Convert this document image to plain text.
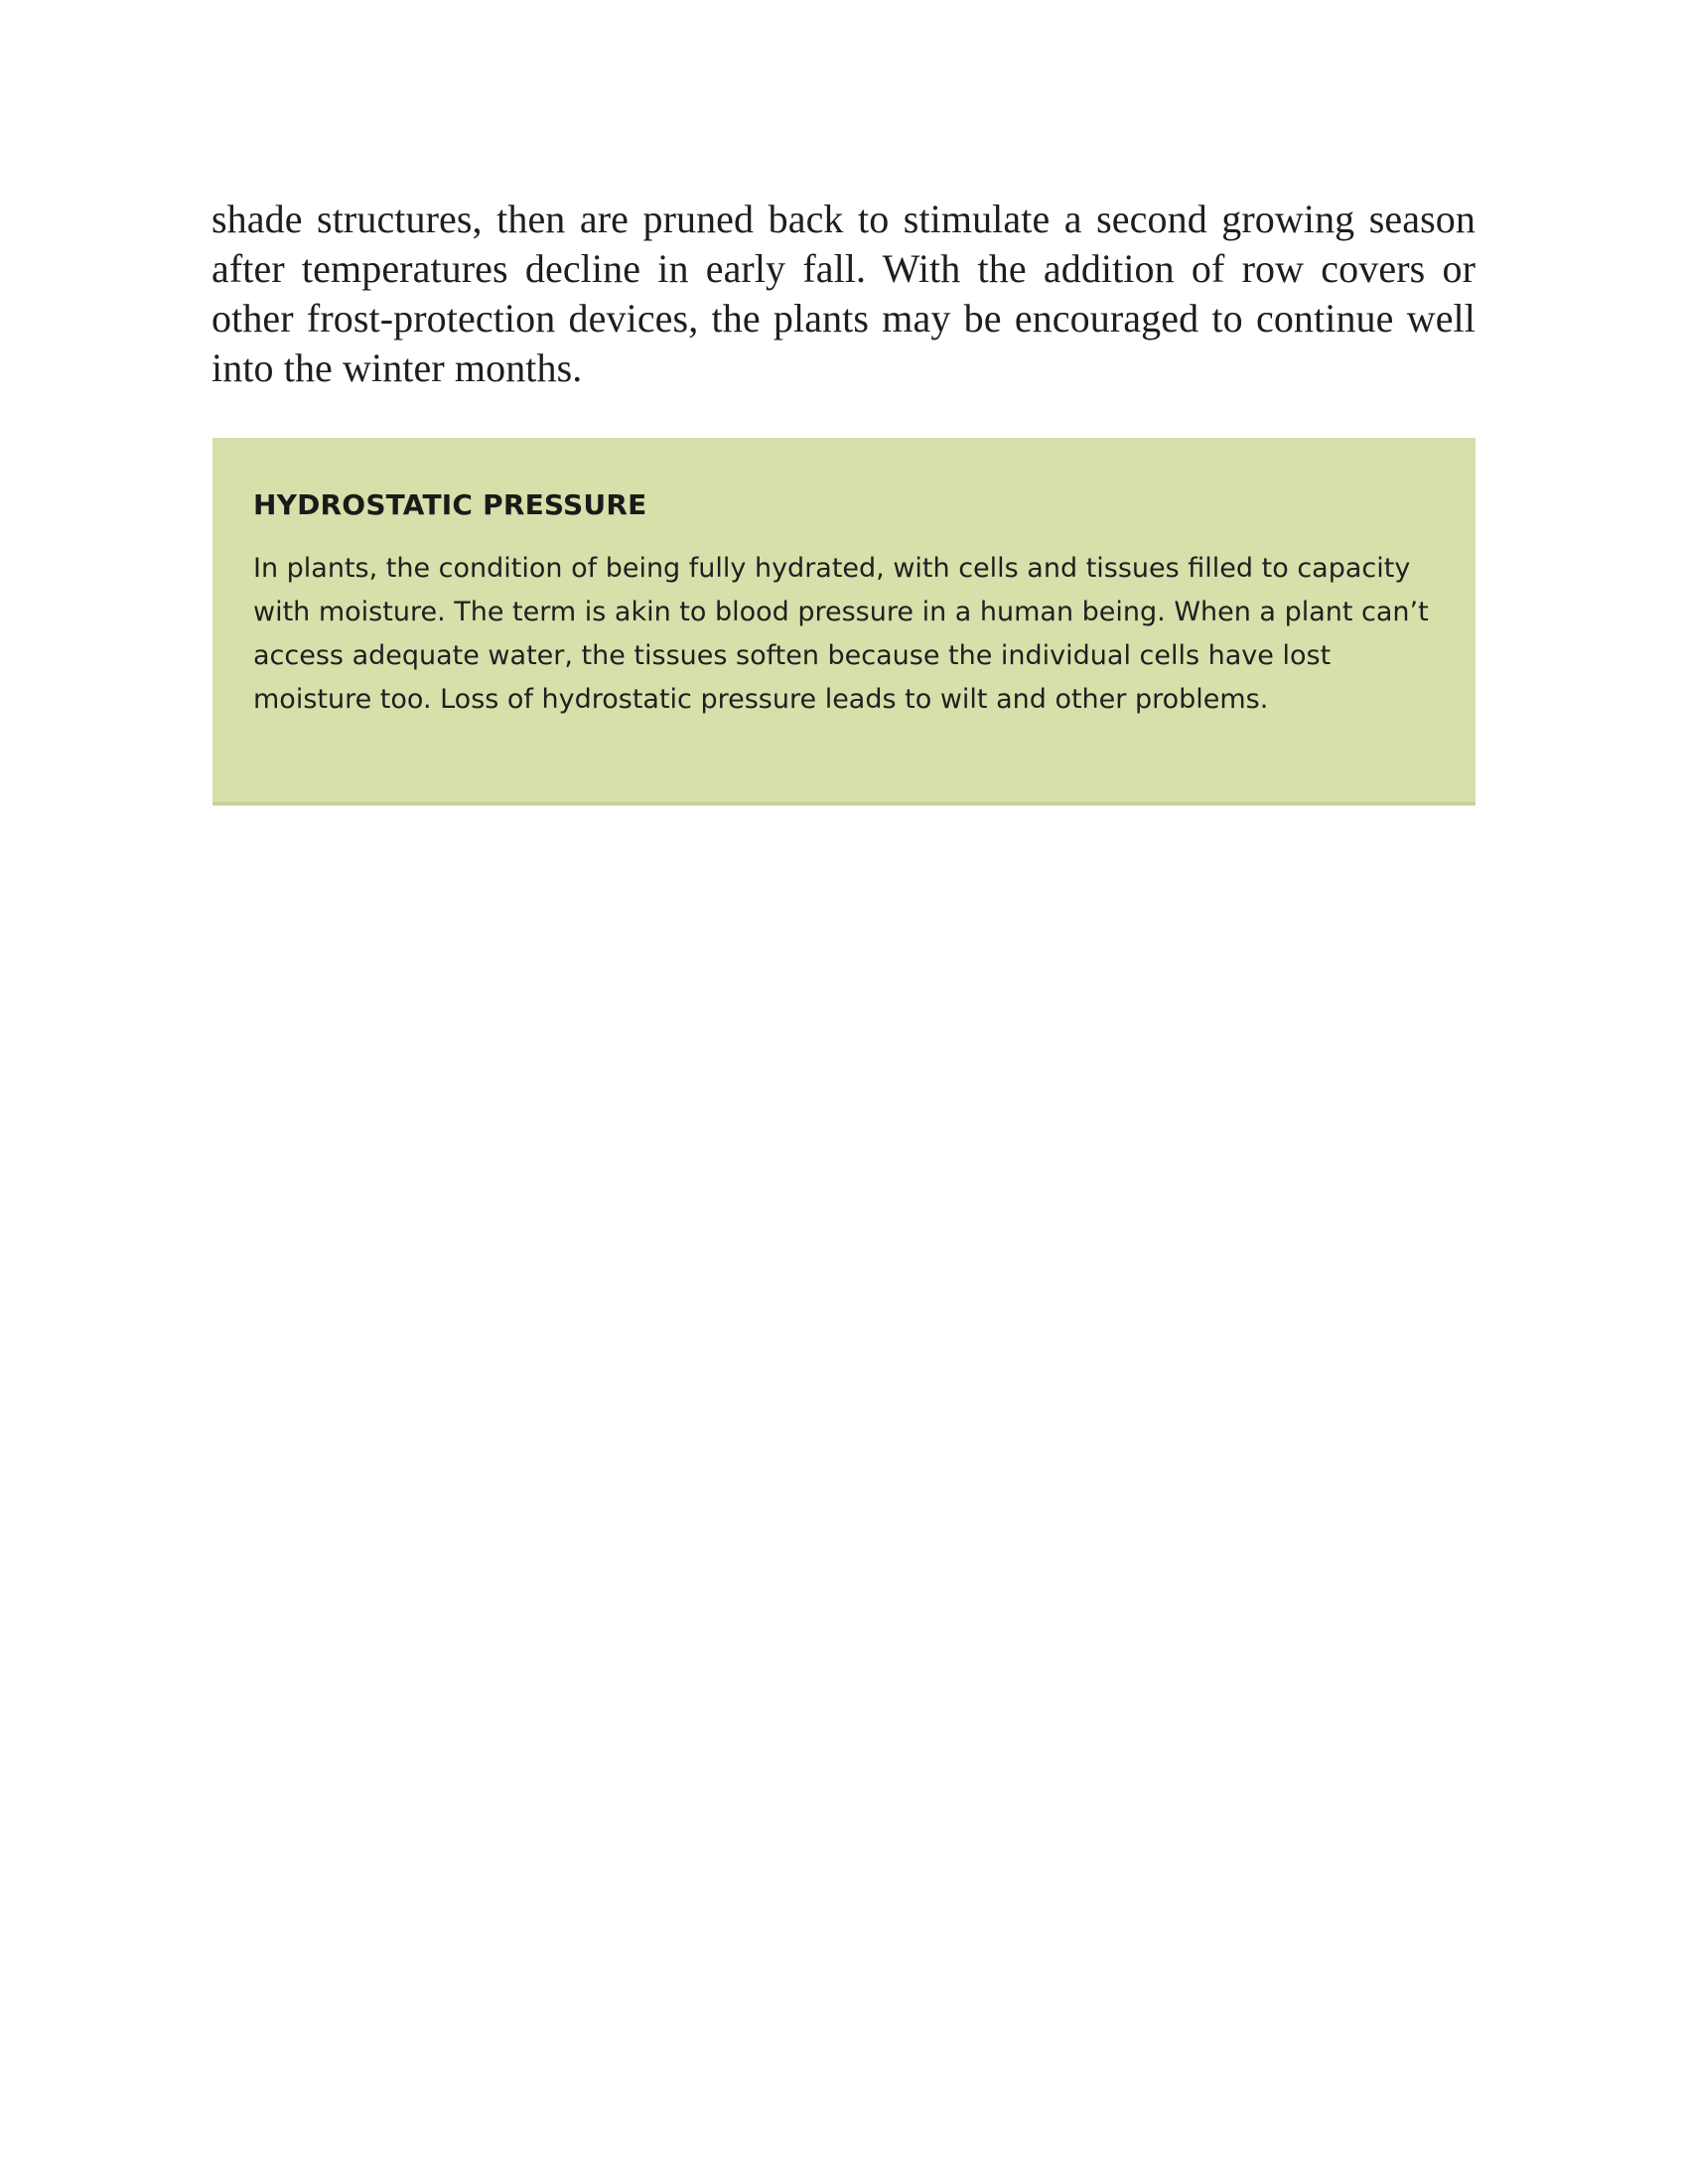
shade structures, then are pruned back to stimulate a second growing season after temperatures decline in early fall. With the addition of row covers or other frost-protection devices, the plants may be encouraged to continue well into the winter months.

HYDROSTATIC PRESSURE

In plants, the condition of being fully hydrated, with cells and tissues filled to capacity with moisture. The term is akin to blood pressure in a human being. When a plant can’t access adequate water, the tissues soften because the individual cells have lost moisture too. Loss of hydrostatic pressure leads to wilt and other problems.
